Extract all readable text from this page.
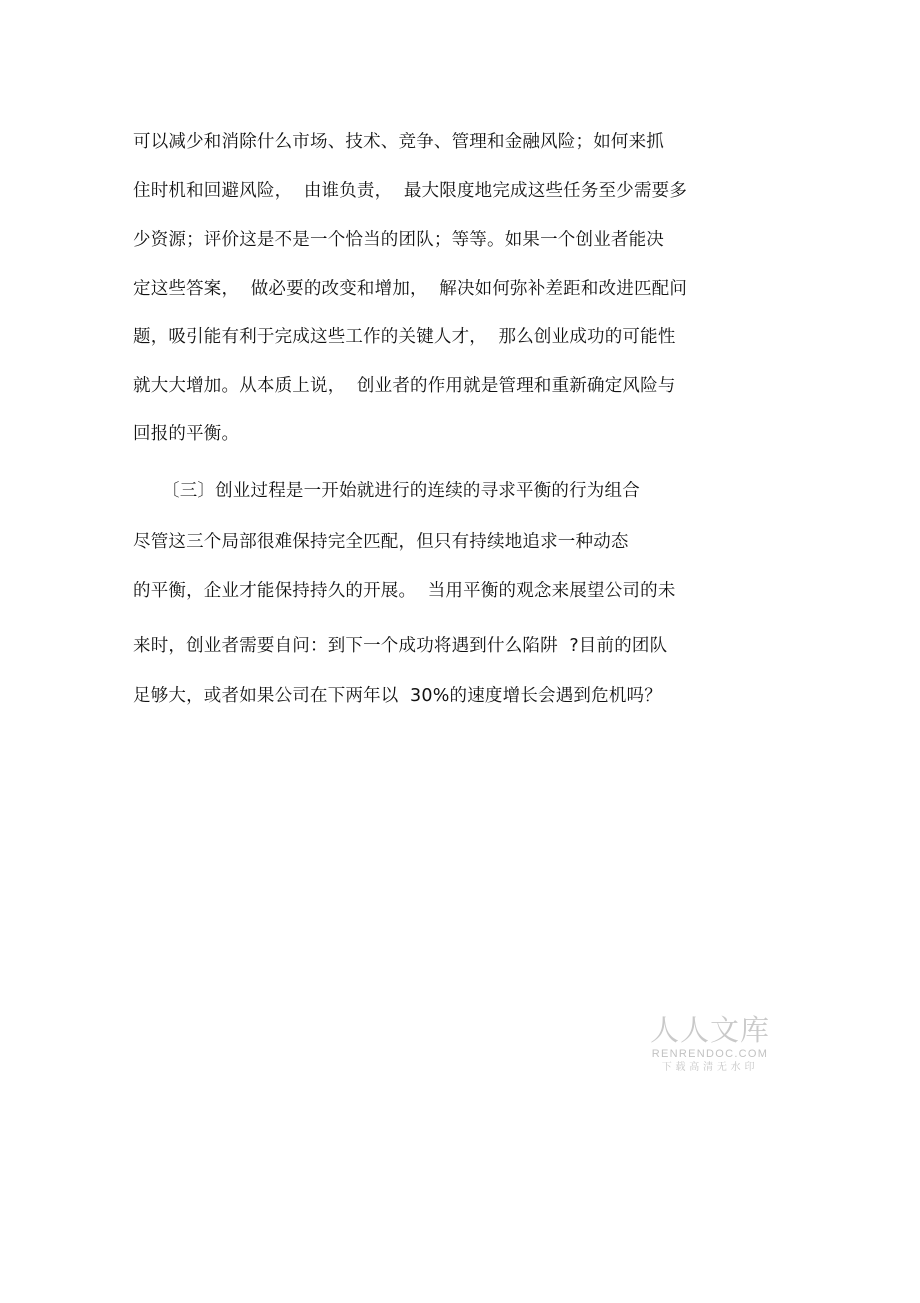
可以减少和消除什么市场、技术、竞争、管理和金融风险；如何来抓
住时机和回避风险，  由谁负责，  最大限度地完成这些任务至少需要多
少资源；评价这是不是一个恰当的团队；等等。如果一个创业者能决
定这些答案，  做必要的改变和增加，  解决如何弥补差距和改进匹配问
题，吸引能有利于完成这些工作的关键人才，  那么创业成功的可能性
就大大增加。从本质上说，  创业者的作用就是管理和重新确定风险与
回报的平衡。
〔三〕创业过程是一开始就进行的连续的寻求平衡的行为组合
尽管这三个局部很难保持完全匹配，但只有持续地追求一种动态
的平衡，企业才能保持持久的开展。  当用平衡的观念来展望公司的未
来时，创业者需要自问：到下一个成功将遇到什么陷阱  ?目前的团队
足够大，或者如果公司在下两年以  30%的速度增长会遇到危机吗？
人人文库
RENRENDOC.COM
下载高清无水印
